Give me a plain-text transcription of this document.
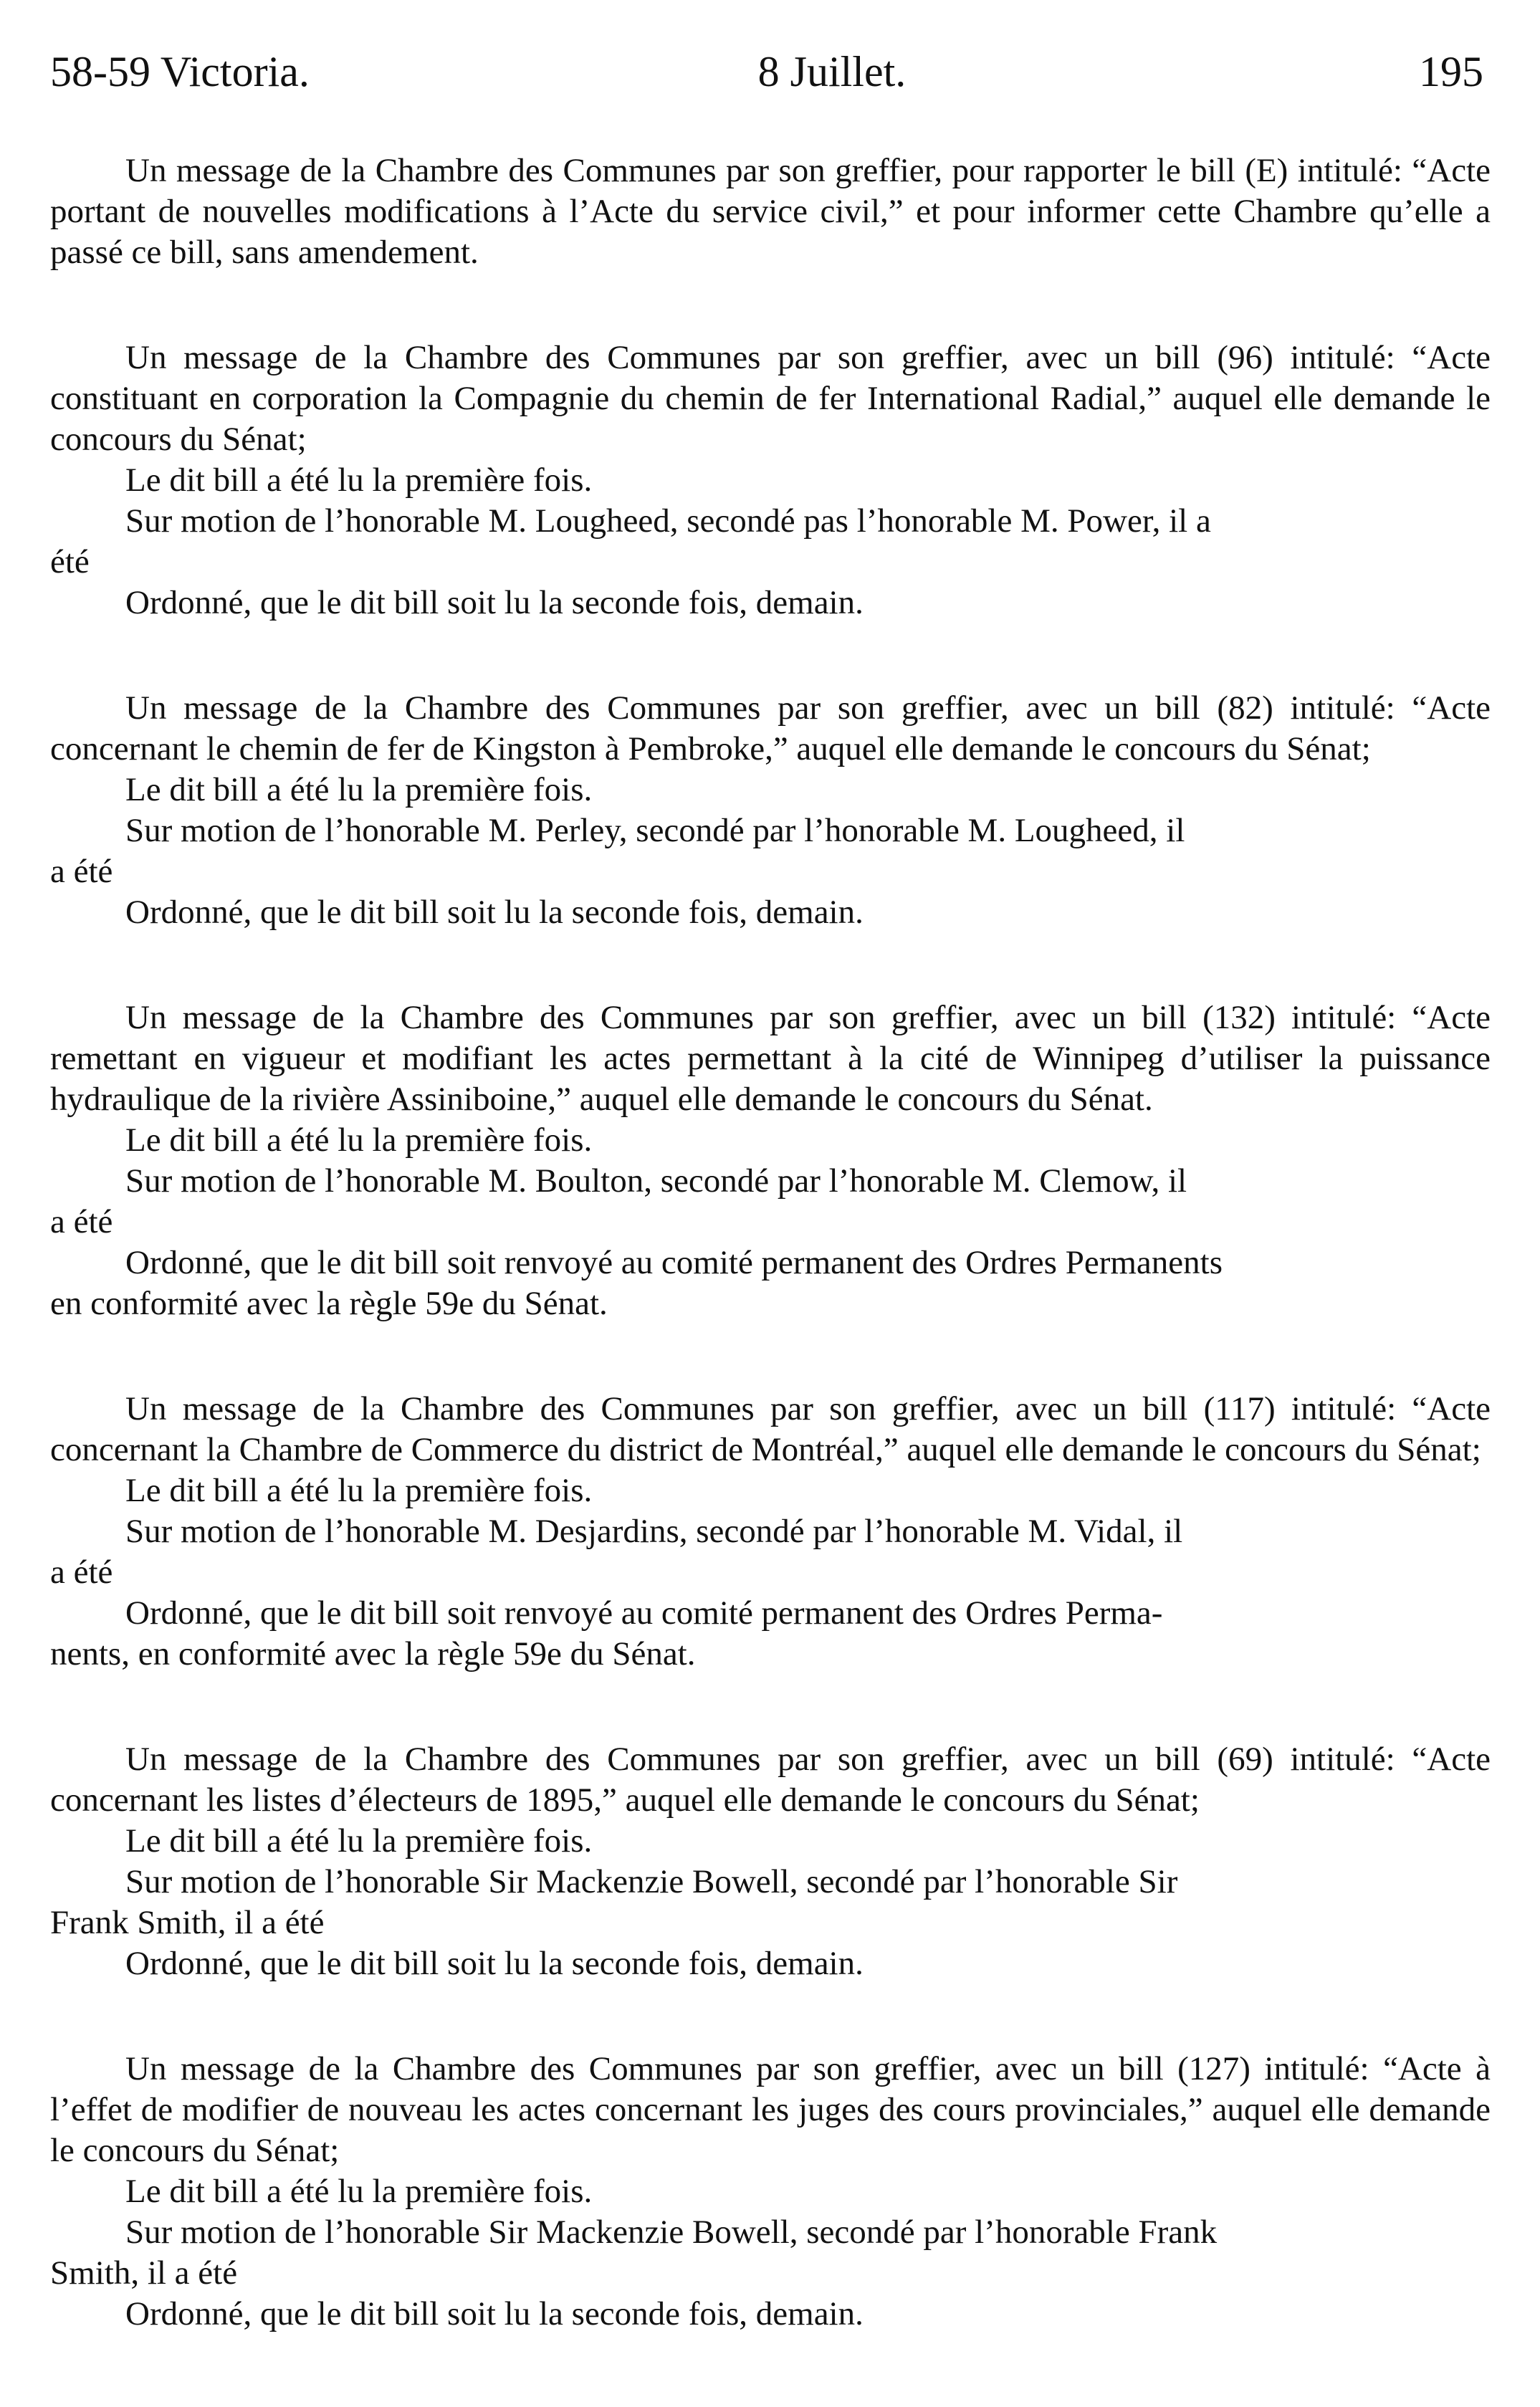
58-59 Victoria.	8 Juillet.	195

Un message de la Chambre des Communes par son greffier, pour rapporter le bill (E) intitulé: “Acte portant de nouvelles modifications à l’Acte du service civil,” et pour informer cette Chambre qu’elle a passé ce bill, sans amendement.

Un message de la Chambre des Communes par son greffier, avec un bill (96) intitulé: “Acte constituant en corporation la Compagnie du chemin de fer International Radial,” auquel elle demande le concours du Sénat;

Le dit bill a été lu la première fois.

Sur motion de l’honorable M. Lougheed, secondé pas l’honorable M. Power, il a

été

Ordonné, que le dit bill soit lu la seconde fois, demain.

Un message de la Chambre des Communes par son greffier, avec un bill (82) intitulé: “Acte concernant le chemin de fer de Kingston à Pembroke,” auquel elle demande le concours du Sénat;

Le dit bill a été lu la première fois.

Sur motion de l’honorable M. Perley, secondé par l’honorable M. Lougheed, il

a été

Ordonné, que le dit bill soit lu la seconde fois, demain.

Un message de la Chambre des Communes par son greffier, avec un bill (132) intitulé: “Acte remettant en vigueur et modifiant les actes permettant à la cité de Winnipeg d’utiliser la puissance hydraulique de la rivière Assiniboine,” auquel elle demande le concours du Sénat.

Le dit bill a été lu la première fois.

Sur motion de l’honorable M. Boulton, secondé par l’honorable M. Clemow, il

a été

Ordonné, que le dit bill soit renvoyé au comité permanent des Ordres Permanents

en conformité avec la règle 59e du Sénat.

Un message de la Chambre des Communes par son greffier, avec un bill (117) intitulé: “Acte concernant la Chambre de Commerce du district de Montréal,” auquel elle demande le concours du Sénat;

Le dit bill a été lu la première fois.

Sur motion de l’honorable M. Desjardins, secondé par l’honorable M. Vidal, il

a été

Ordonné, que le dit bill soit renvoyé au comité permanent des Ordres Perma-

nents, en conformité avec la règle 59e du Sénat.

Un message de la Chambre des Communes par son greffier, avec un bill (69) intitulé: “Acte concernant les listes d’électeurs de 1895,” auquel elle demande le concours du Sénat;

Le dit bill a été lu la première fois.

Sur motion de l’honorable Sir Mackenzie Bowell, secondé par l’honorable Sir

Frank Smith, il a été

Ordonné, que le dit bill soit lu la seconde fois, demain.

Un message de la Chambre des Communes par son greffier, avec un bill (127) intitulé: “Acte à l’effet de modifier de nouveau les actes concernant les juges des cours provinciales,” auquel elle demande le concours du Sénat;

Le dit bill a été lu la première fois.

Sur motion de l’honorable Sir Mackenzie Bowell, secondé par l’honorable Frank

Smith, il a été

Ordonné, que le dit bill soit lu la seconde fois, demain.
